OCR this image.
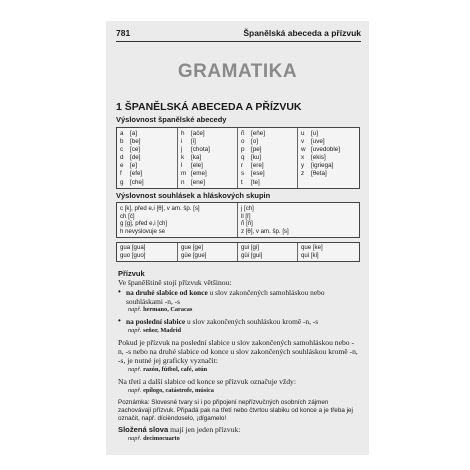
781	Španělská abeceda a přízvuk
GRAMATIKA
1 ŠPANĚLSKÁ ABECEDA A PŘÍZVUK
Výslovnost španělské abecedy
a
b
c
d
e
f
g
[a]
[be]
[ce]
[de]
[e]
[efe]
[che]
h
i
j
k
l
m
n
[ače]
[i]
[chota]
[ka]
[ele]
[eme]
[ene]
ñ
o
p
q
r
s
t
[eňe]
[o]
[pe]
[ku]
[ere]
[ese]
[te]
u
v
w
x
y
z
[u]
[uve]
[uvedoble]
[ekis]
[igriega]
[θeta]
Výslovnost souhlásek a hláskových skupin
c [k], před e,i [θ], v am. šp. [s]
ch [č]
g [g], před e,i [ch]
h nevyslovuje se
j [ch]
ll [ľ]
ñ [ň]
z [θ], v am. šp. [s]
gua [gua]
guo [guo]
gue [ge]
güe [gue]
gui [gi]
güi [gui]
que [ke]
qui [ki]
Přízvuk
Ve španělštině stojí přízvuk většinou:
• na druhé slabice od konce u slov zakončených samohláskou nebo
souhláskami -n, -s
např. hermano, Caracas
• na poslední slabice u slov zakončených souhláskou kromě -n, -s
např. señor, Madrid
Pokud je přízvuk na poslední slabice u slov zakončených samohláskou nebo -n, -s nebo na druhé slabice od konce u slov zakončených souhláskou kromě -n, -s, je nutné jej graficky vyznačit:
např. razón, fútbol, café, atún
Na třetí a další slabice od konce se přízvuk označuje vždy:
např. epílogo, catástrofe, música
Poznámka: Slovesné tvary si i po připojení nepřízvučných osobních zájmen zachovávají přízvuk. Připadá pak na třetí nebo čtvrtou slabiku od konce a je třeba jej označit, např. dícièndoselo, ¡dígamelo!
Složená slova mají jen jeden přízvuk:
např. decimocuarto
